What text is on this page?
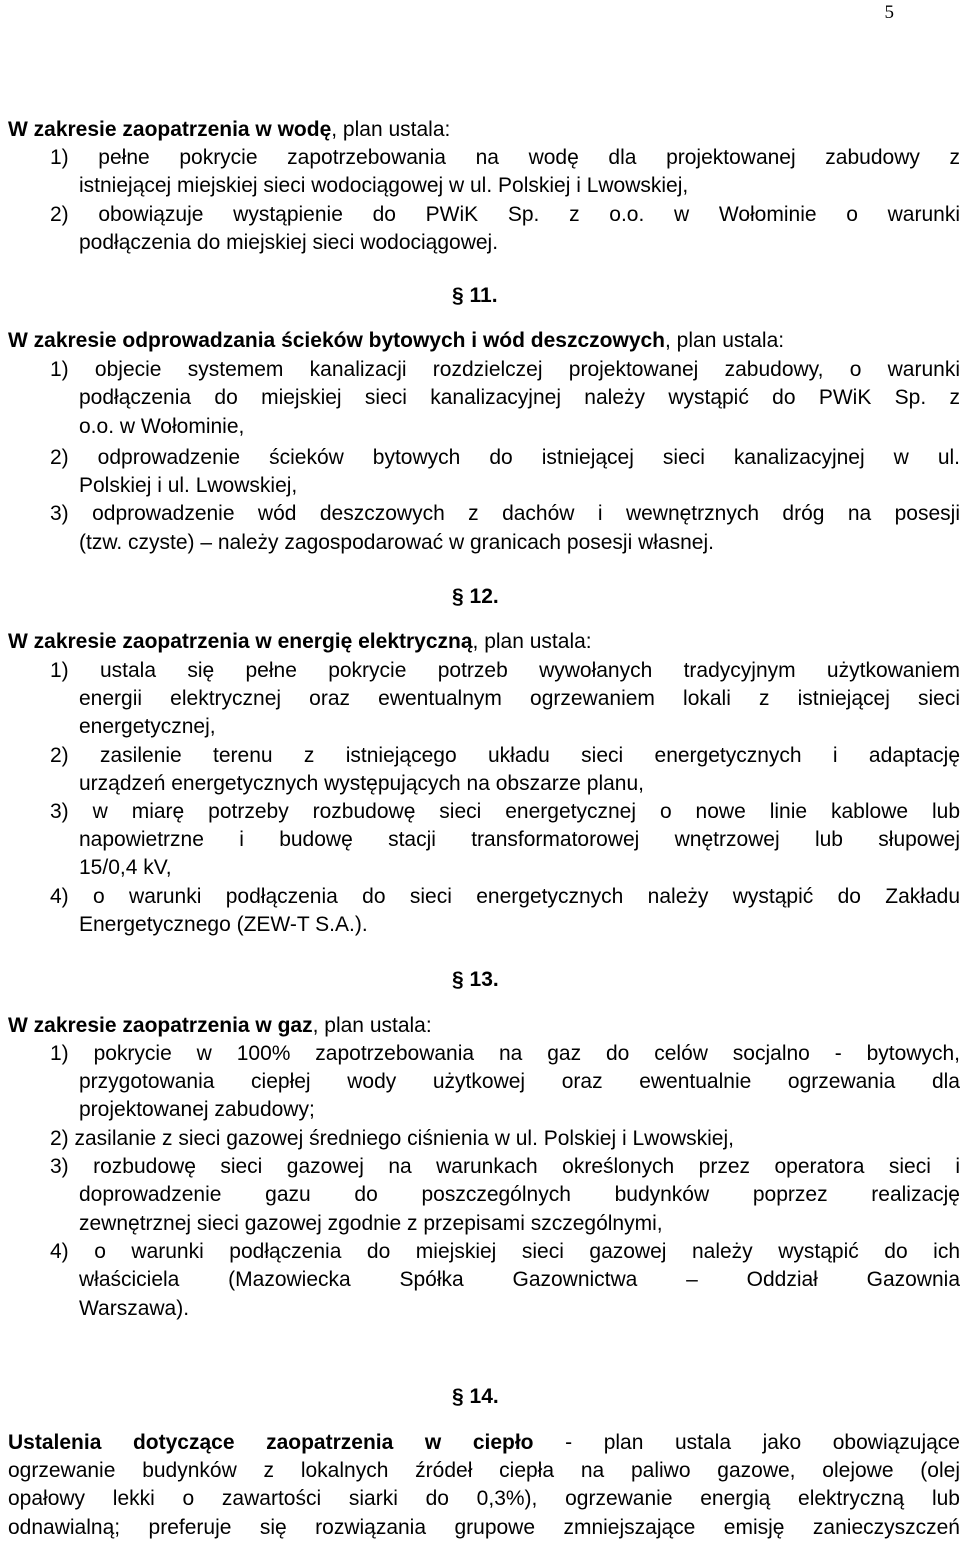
5
W zakresie zaopatrzenia w wodę, plan ustala:
1) pełne pokrycie zapotrzebowania na wodę dla projektowanej zabudowy z
istniejącej miejskiej sieci wodociągowej w ul. Polskiej i Lwowskiej,
2) obowiązuje wystąpienie do PWiK Sp. z o.o. w Wołominie o warunki
podłączenia do miejskiej sieci wodociągowej.
§ 11.
W zakresie odprowadzania ścieków bytowych i wód deszczowych, plan ustala:
1) objecie systemem kanalizacji rozdzielczej projektowanej zabudowy, o warunki
podłączenia do miejskiej sieci kanalizacyjnej należy wystąpić do PWiK Sp. z
o.o. w Wołominie,
2) odprowadzenie ścieków bytowych do istniejącej sieci kanalizacyjnej w ul.
Polskiej i ul. Lwowskiej,
3) odprowadzenie wód deszczowych z dachów i wewnętrznych dróg na posesji
(tzw. czyste) – należy zagospodarować w granicach posesji własnej.
§ 12.
W zakresie zaopatrzenia w energię elektryczną, plan ustala:
1) ustala się pełne pokrycie potrzeb wywołanych tradycyjnym użytkowaniem
energii elektrycznej oraz ewentualnym ogrzewaniem lokali z istniejącej sieci
energetycznej,
2) zasilenie terenu z istniejącego układu sieci energetycznych i adaptację
urządzeń energetycznych występujących na obszarze planu,
3) w miarę potrzeby rozbudowę sieci energetycznej o nowe linie kablowe lub
napowietrzne i budowę stacji transformatorowej wnętrzowej lub słupowej
15/0,4 kV,
4) o warunki podłączenia do sieci energetycznych należy wystąpić do Zakładu
Energetycznego (ZEW-T S.A.).
§ 13.
W zakresie zaopatrzenia w gaz, plan ustala:
1) pokrycie w 100% zapotrzebowania na gaz do celów socjalno - bytowych,
przygotowania ciepłej wody użytkowej oraz ewentualnie ogrzewania dla
projektowanej zabudowy;
2) zasilanie z sieci gazowej średniego ciśnienia w ul. Polskiej i Lwowskiej,
3) rozbudowę sieci gazowej na warunkach określonych przez operatora sieci i
doprowadzenie gazu do poszczególnych budynków poprzez realizację
zewnętrznej sieci gazowej zgodnie z przepisami szczególnymi,
4) o warunki podłączenia do miejskiej sieci gazowej należy wystąpić do ich
właściciela (Mazowiecka Spółka Gazownictwa – Oddział Gazownia
Warszawa).
§ 14.
Ustalenia dotyczące zaopatrzenia w ciepło - plan ustala jako obowiązujące
ogrzewanie budynków z lokalnych źródeł ciepła na paliwo gazowe, olejowe (olej
opałowy lekki o zawartości siarki do 0,3%), ogrzewanie energią elektryczną lub
odnawialną; preferuje się rozwiązania grupowe zmniejszające emisję zanieczyszczeń
